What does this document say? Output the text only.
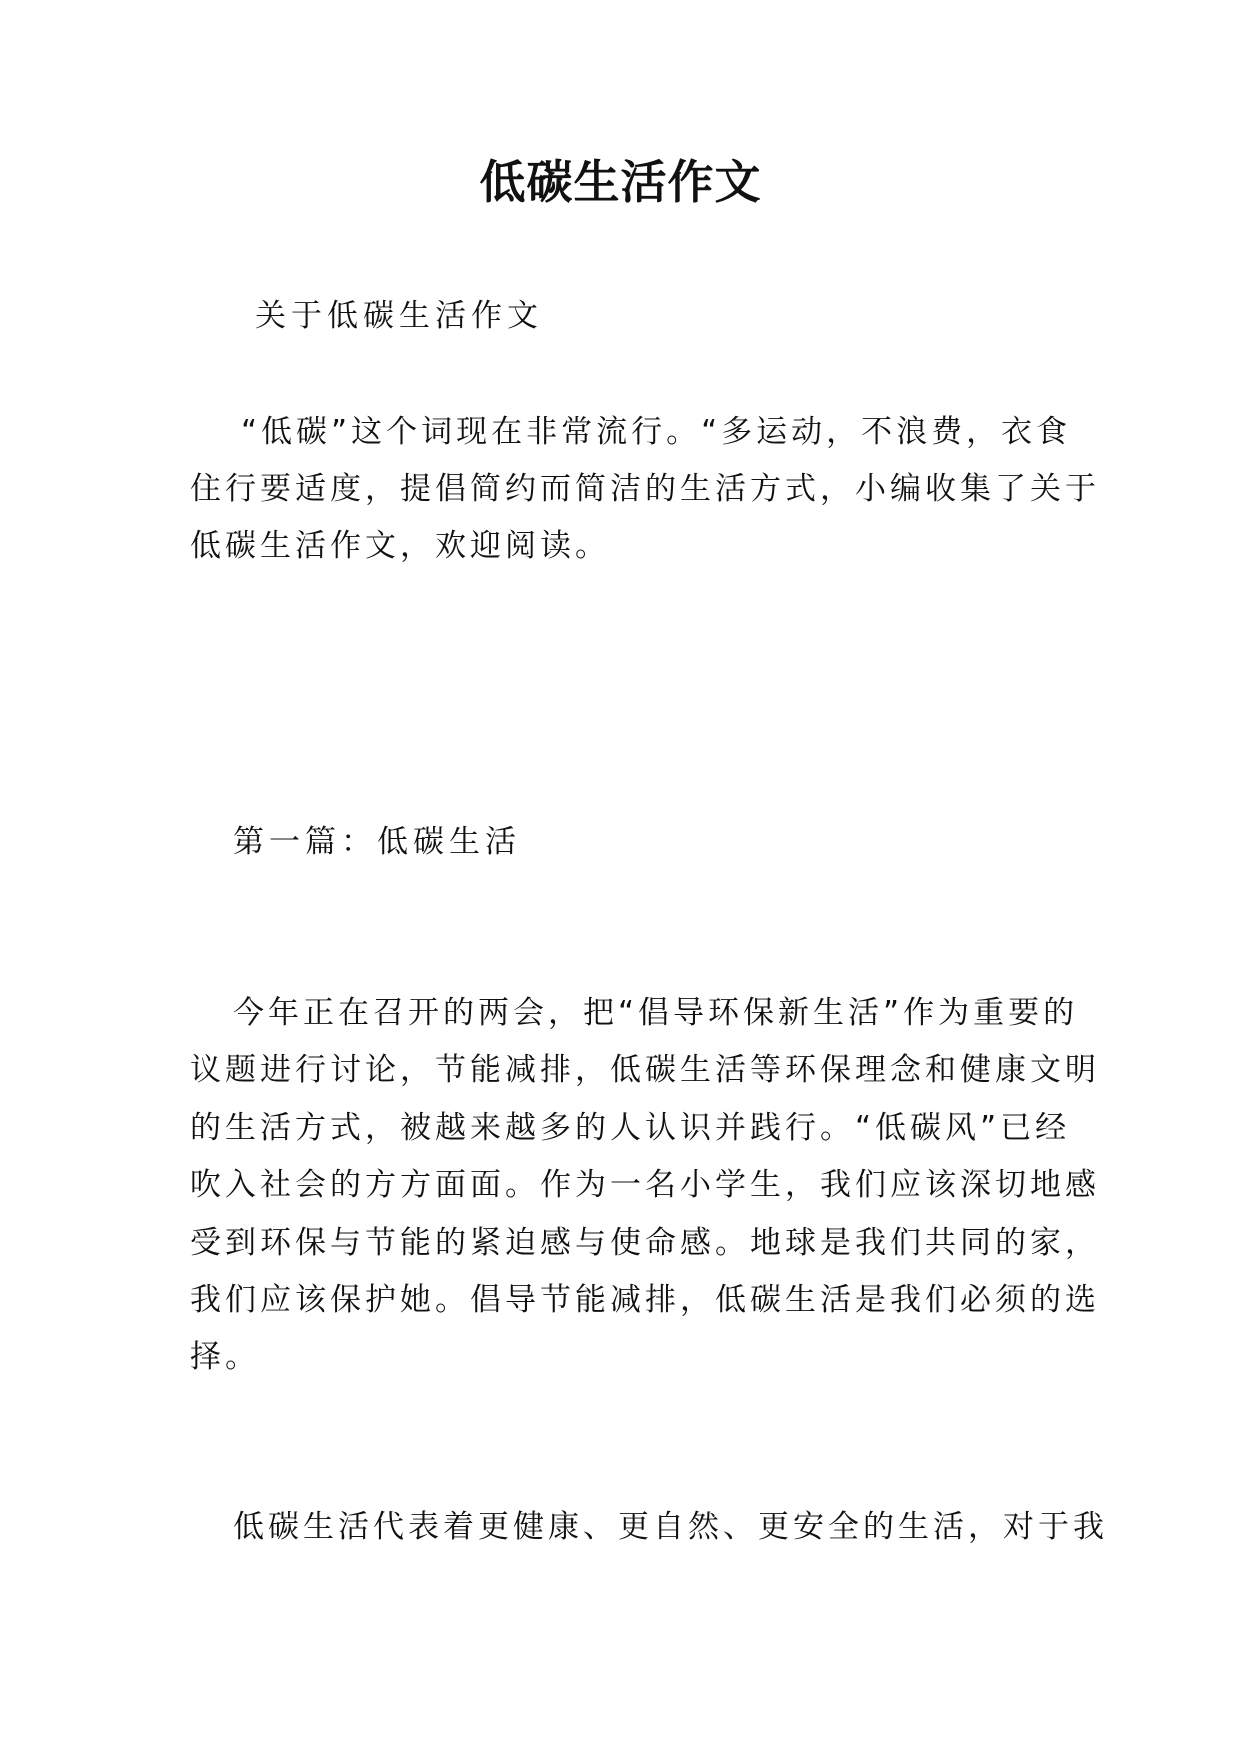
低碳生活作文

关于低碳生活作文

“低碳”这个词现在非常流行。“多运动，不浪费，衣食

住行要适度，提倡简约而简洁的生活方式，小编收集了关于

低碳生活作文，欢迎阅读。

第一篇：低碳生活

今年正在召开的两会，把“倡导环保新生活”作为重要的

议题进行讨论，节能减排，低碳生活等环保理念和健康文明

的生活方式，被越来越多的人认识并践行。“低碳风”已经

吹入社会的方方面面。作为一名小学生，我们应该深切地感

受到环保与节能的紧迫感与使命感。地球是我们共同的家，

我们应该保护她。倡导节能减排，低碳生活是我们必须的选

择。

低碳生活代表着更健康、更自然、更安全的生活，对于我
